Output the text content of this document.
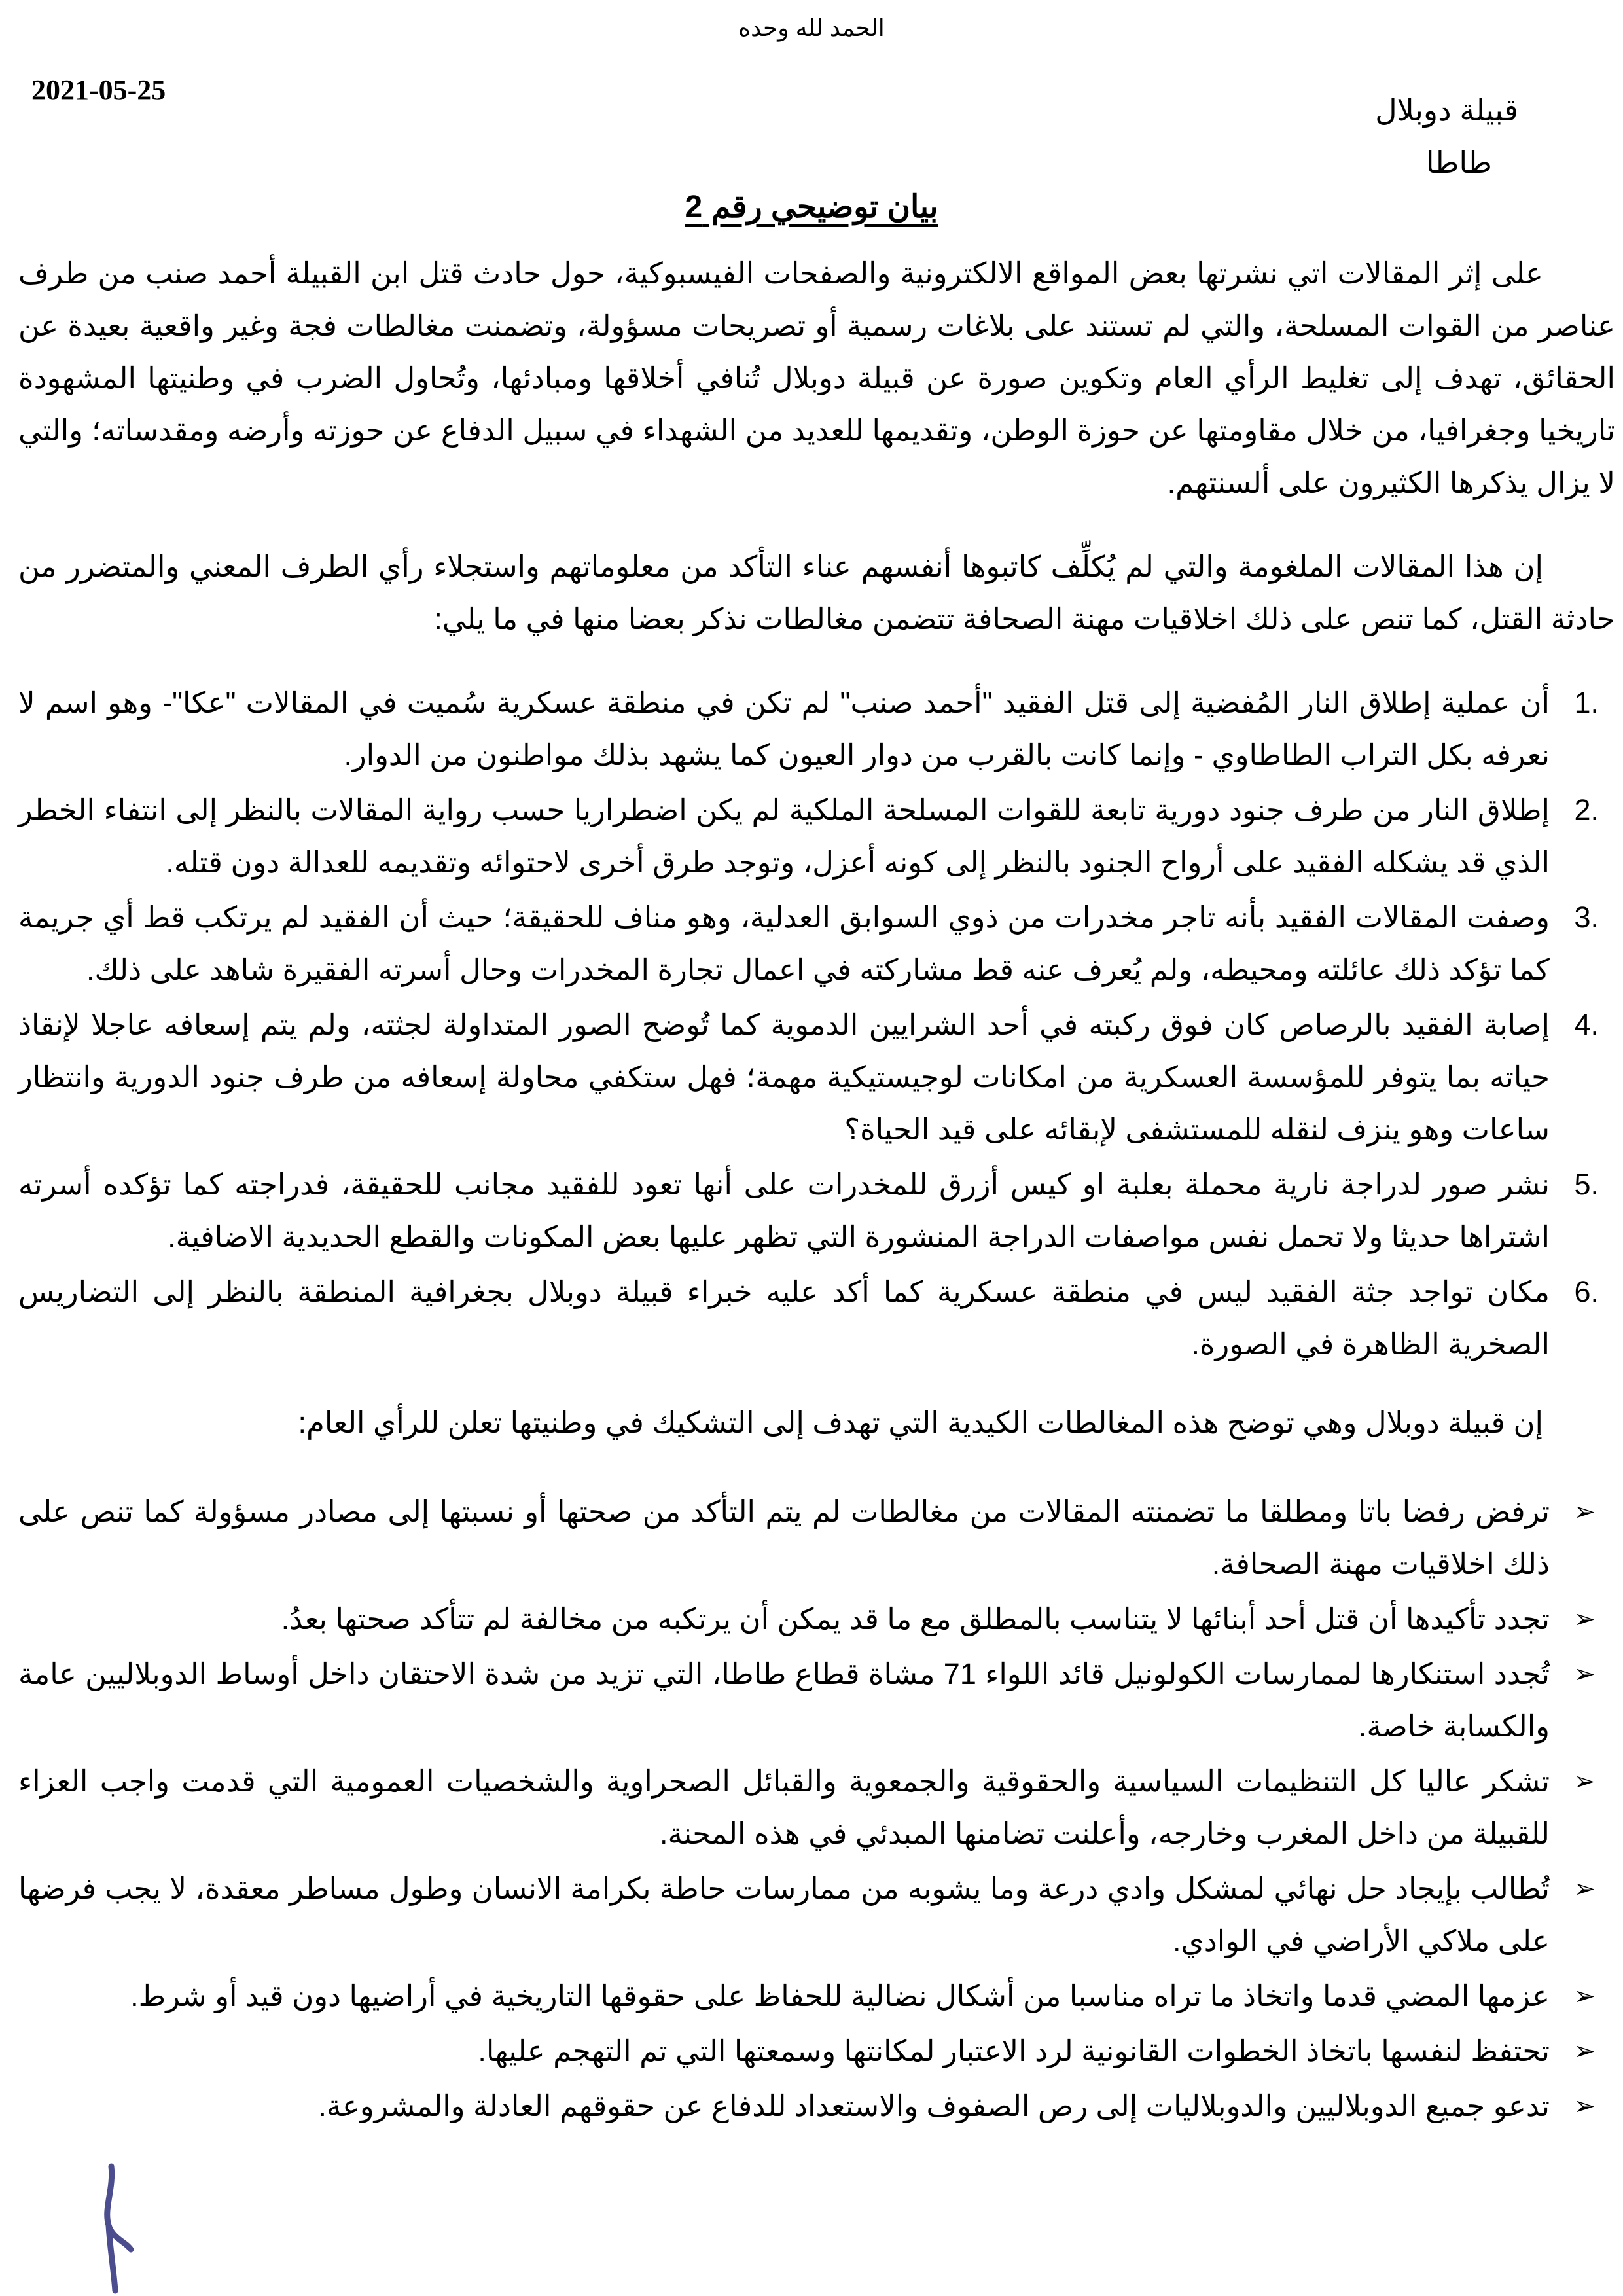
الحمد لله وحده
2021-05-25
قبيلة دوبلال
طاطا
بيان توضيحي رقم 2

على إثر المقالات اتي نشرتها بعض المواقع الالكترونية والصفحات الفيسبوكية، حول حادث قتل ابن القبيلة أحمد صنب من طرف عناصر من القوات المسلحة، والتي لم تستند على بلاغات رسمية أو تصريحات مسؤولة، وتضمنت مغالطات فجة وغير واقعية بعيدة عن الحقائق، تهدف إلى تغليط الرأي العام وتكوين صورة عن قبيلة دوبلال تُنافي أخلاقها ومبادئها، وتُحاول الضرب في وطنيتها المشهودة تاريخيا وجغرافيا، من خلال مقاومتها عن حوزة الوطن، وتقديمها للعديد من الشهداء في سبيل الدفاع عن حوزته وأرضه ومقدساته؛ والتي لا يزال يذكرها الكثيرون على ألسنتهم.

إن هذا المقالات الملغومة والتي لم يُكلِّف كاتبوها أنفسهم عناء التأكد من معلوماتهم واستجلاء رأي الطرف المعني والمتضرر من حادثة القتل، كما تنص على ذلك اخلاقيات مهنة الصحافة تتضمن مغالطات نذكر بعضا منها في ما يلي:

1.
أن عملية إطلاق النار المُفضية إلى قتل الفقيد "أحمد صنب" لم تكن في منطقة عسكرية سُميت في المقالات "عكا"- وهو اسم لا نعرفه بكل التراب الطاطاوي - وإنما كانت بالقرب من دوار العيون كما يشهد بذلك مواطنون من الدوار.
2.
إطلاق النار من طرف جنود دورية تابعة للقوات المسلحة الملكية لم يكن اضطراريا حسب رواية المقالات بالنظر إلى انتفاء الخطر الذي قد يشكله الفقيد على أرواح الجنود بالنظر إلى كونه أعزل، وتوجد طرق أخرى لاحتوائه وتقديمه للعدالة دون قتله.
3.
وصفت المقالات الفقيد بأنه تاجر مخدرات من ذوي السوابق العدلية، وهو مناف للحقيقة؛ حيث أن الفقيد لم يرتكب قط أي جريمة كما تؤكد ذلك عائلته ومحيطه، ولم يُعرف عنه قط مشاركته في اعمال تجارة المخدرات وحال أسرته الفقيرة شاهد على ذلك.
4.
إصابة الفقيد بالرصاص كان فوق ركبته في أحد الشرايين الدموية كما تُوضح الصور المتداولة لجثته، ولم يتم إسعافه عاجلا لإنقاذ حياته بما يتوفر للمؤسسة العسكرية من امكانات لوجيستيكية مهمة؛ فهل ستكفي محاولة إسعافه من طرف جنود الدورية وانتظار ساعات وهو ينزف لنقله للمستشفى لإبقائه على قيد الحياة؟
5.
نشر صور لدراجة نارية محملة بعلبة او كيس أزرق للمخدرات على أنها تعود للفقيد مجانب للحقيقة، فدراجته كما تؤكده أسرته اشتراها حديثا ولا تحمل نفس مواصفات الدراجة المنشورة التي تظهر عليها بعض المكونات والقطع الحديدية الاضافية.
6.
مكان تواجد جثة الفقيد ليس في منطقة عسكرية كما أكد عليه خبراء قبيلة دوبلال بجغرافية المنطقة بالنظر إلى التضاريس الصخرية الظاهرة في الصورة.
إن قبيلة دوبلال وهي توضح هذه المغالطات الكيدية التي تهدف إلى التشكيك في وطنيتها تعلن للرأي العام:
➢
ترفض رفضا باتا ومطلقا ما تضمنته المقالات من مغالطات لم يتم التأكد من صحتها أو نسبتها إلى مصادر مسؤولة كما تنص على ذلك اخلاقيات مهنة الصحافة.
➢
تجدد تأكيدها أن قتل أحد أبنائها لا يتناسب بالمطلق مع ما قد يمكن أن يرتكبه من مخالفة لم تتأكد صحتها بعدُ.
➢
تُجدد استنكارها لممارسات الكولونيل قائد اللواء 71 مشاة قطاع طاطا، التي تزيد من شدة الاحتقان داخل أوساط الدوبلاليين عامة والكسابة خاصة.
➢
تشكر عاليا كل التنظيمات السياسية والحقوقية والجمعوية والقبائل الصحراوية والشخصيات العمومية التي قدمت واجب العزاء للقبيلة من داخل المغرب وخارجه، وأعلنت تضامنها المبدئي في هذه المحنة.
➢
تُطالب بإيجاد حل نهائي لمشكل وادي درعة وما يشوبه من ممارسات حاطة بكرامة الانسان وطول مساطر معقدة، لا يجب فرضها على ملاكي الأراضي في الوادي.
➢
عزمها المضي قدما واتخاذ ما تراه مناسبا من أشكال نضالية للحفاظ على حقوقها التاريخية في أراضيها دون قيد أو شرط.
➢
تحتفظ لنفسها باتخاذ الخطوات القانونية لرد الاعتبار لمكانتها وسمعتها التي تم التهجم عليها.
➢
تدعو جميع الدوبلاليين والدوبلاليات إلى رص الصفوف والاستعداد للدفاع عن حقوقهم العادلة والمشروعة.
